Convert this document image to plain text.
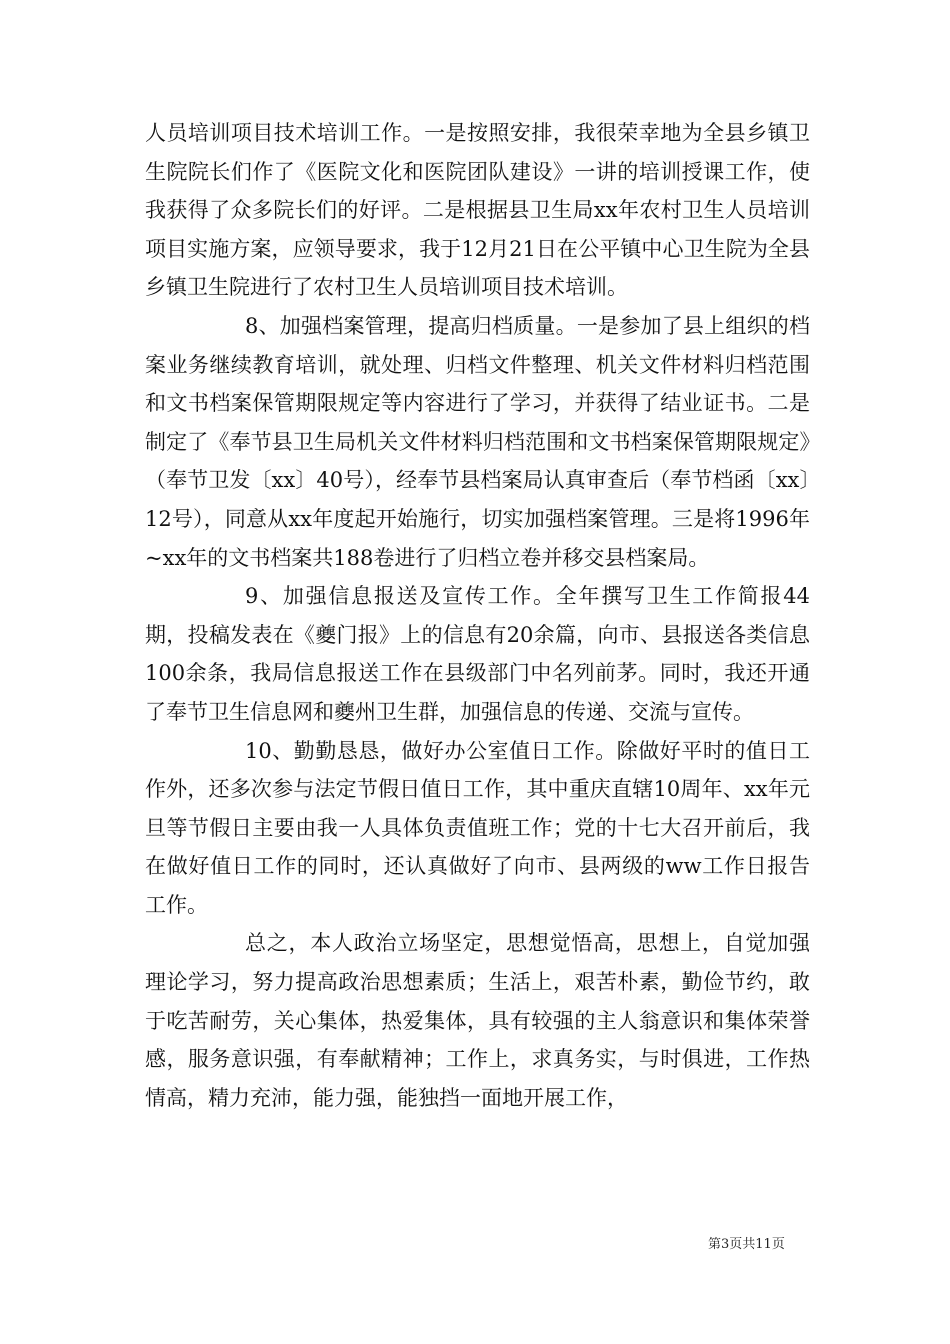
人员培训项目技术培训工作。一是按照安排，我很荣幸地为全县乡镇卫生院院长们作了《医院文化和医院团队建设》一讲的培训授课工作，使我获得了众多院长们的好评。二是根据县卫生局xx年农村卫生人员培训项目实施方案，应领导要求，我于12月21日在公平镇中心卫生院为全县乡镇卫生院进行了农村卫生人员培训项目技术培训。

8、加强档案管理，提高归档质量。一是参加了县上组织的档案业务继续教育培训，就处理、归档文件整理、机关文件材料归档范围和文书档案保管期限规定等内容进行了学习，并获得了结业证书。二是制定了《奉节县卫生局机关文件材料归档范围和文书档案保管期限规定》（奉节卫发〔xx〕40号），经奉节县档案局认真审查后（奉节档函〔xx〕12号），同意从xx年度起开始施行，切实加强档案管理。三是将1996年~xx年的文书档案共188卷进行了归档立卷并移交县档案局。

9、加强信息报送及宣传工作。全年撰写卫生工作简报44期，投稿发表在《夔门报》上的信息有20余篇，向市、县报送各类信息100余条，我局信息报送工作在县级部门中名列前茅。同时，我还开通了奉节卫生信息网和夔州卫生群，加强信息的传递、交流与宣传。

10、勤勤恳恳，做好办公室值日工作。除做好平时的值日工作外，还多次参与法定节假日值日工作，其中重庆直辖10周年、xx年元旦等节假日主要由我一人具体负责值班工作；党的十七大召开前后，我在做好值日工作的同时，还认真做好了向市、县两级的ww工作日报告工作。

总之，本人政治立场坚定，思想觉悟高，思想上，自觉加强理论学习，努力提高政治思想素质；生活上，艰苦朴素，勤俭节约，敢于吃苦耐劳，关心集体，热爱集体，具有较强的主人翁意识和集体荣誉感，服务意识强，有奉献精神；工作上，求真务实，与时俱进，工作热情高，精力充沛，能力强，能独挡一面地开展工作，

第3页共11页
